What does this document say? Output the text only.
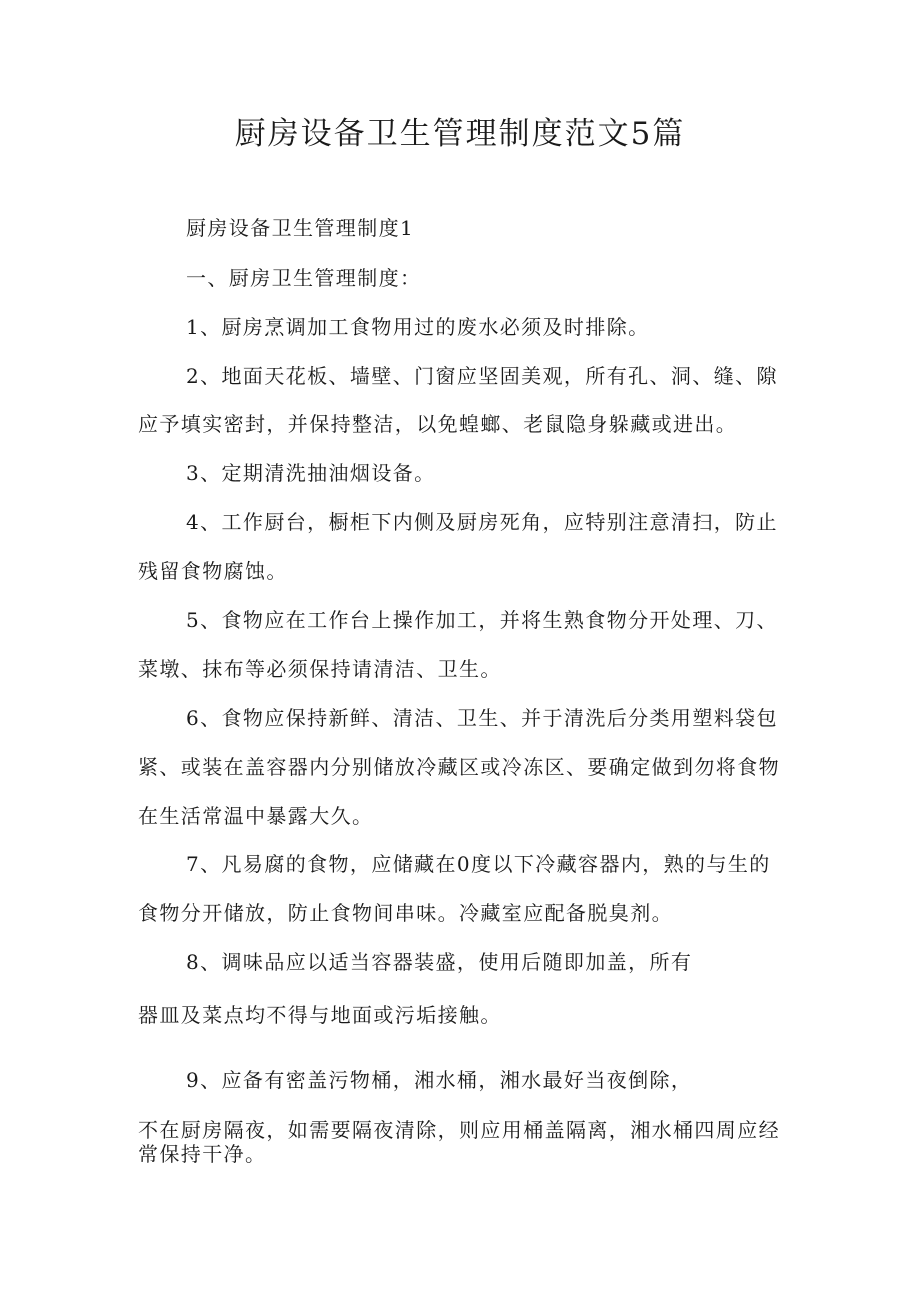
厨房设备卫生管理制度范文5篇
厨房设备卫生管理制度1
一、厨房卫生管理制度：
1、厨房烹调加工食物用过的废水必须及时排除。
2、地面天花板、墙壁、门窗应坚固美观，所有孔、洞、缝、隙
应予填实密封，并保持整洁，以免蝗螂、老鼠隐身躲藏或进出。
3、定期清洗抽油烟设备。
4、工作厨台，橱柜下内侧及厨房死角，应特别注意清扫，防止
残留食物腐蚀。
5、食物应在工作台上操作加工，并将生熟食物分开处理、刀、
菜墩、抹布等必须保持请清洁、卫生。
6、食物应保持新鲜、清洁、卫生、并于清洗后分类用塑料袋包
紧、或装在盖容器内分别储放冷藏区或冷冻区、要确定做到勿将食物
在生活常温中暴露大久。
7、凡易腐的食物，应储藏在0度以下冷藏容器内，熟的与生的
食物分开储放，防止食物间串味。冷藏室应配备脱臭剂。
8、调味品应以适当容器装盛，使用后随即加盖，所有
器皿及菜点均不得与地面或污垢接触。
9、应备有密盖污物桶，湘水桶，湘水最好当夜倒除，
不在厨房隔夜，如需要隔夜清除，则应用桶盖隔离，湘水桶四周应经
常保持干净。
